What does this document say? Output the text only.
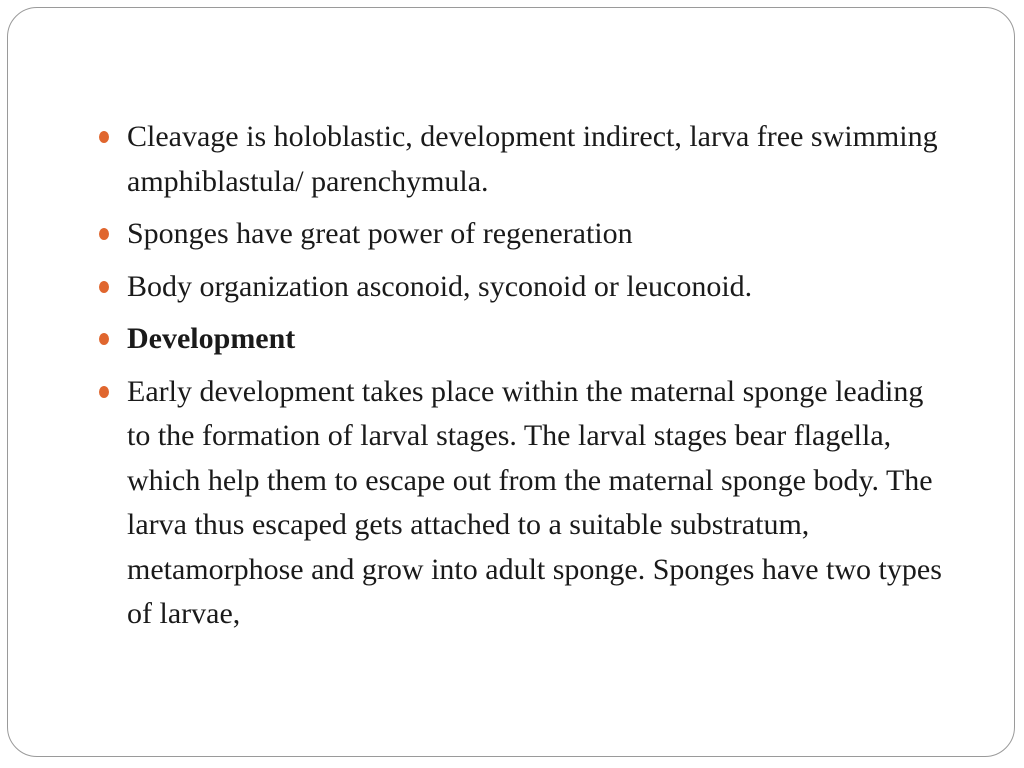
Cleavage is holoblastic, development indirect, larva free swimming amphiblastula/ parenchymula.
Sponges have great power of regeneration
Body organization asconoid, syconoid or leuconoid.
Development
Early development takes place within the maternal sponge leading to the formation of larval stages. The larval stages bear flagella, which help them to escape out from the maternal sponge body. The larva thus escaped gets attached to a suitable substratum, metamorphose and grow into adult sponge. Sponges have two types of larvae,
